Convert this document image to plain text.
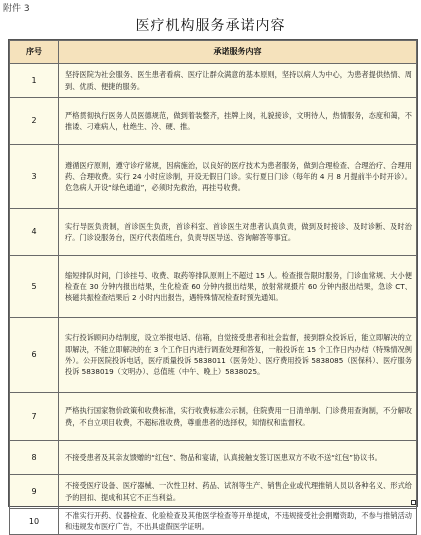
附件 3
医疗机构服务承诺内容
序号	承诺服务内容
1	坚持医院为社会服务、医生患者看病、医疗让群众满意的基本原则，坚持以病人为中心，为患者提供热情、周到、优质、便捷的服务。
2	严格贯彻执行医务人员医德规范，做到着装整齐，挂牌上岗，礼貌接诊，文明待人，热情服务，态度和蔼，不推诿、刁难病人，杜绝生、冷、硬、推。
3	遵循医疗原则，遵守诊疗常规，因病施治，以良好的医疗技术为患者服务，做到合理检查、合理治疗、合理用药、合理收费。实行 24 小时应诊制，开设无假日门诊。实行夏日门诊（每年的 4 月 8 月提前半小时开诊）。危急病人开设“绿色通道”，必须时先救治，再挂号收费。
4	实行导医负责制，首诊医生负责，首诊科室、首诊医生对患者认真负责，做到及时接诊、及时诊断、及时治疗。门诊设服务台，医疗代表值班台，负责导医导送、咨询解答等事宜。
5	缩短排队时间，门诊挂号、收费、取药等排队原则上不超过 15 人。检查报告限时服务，门诊血常规、大小便检查在 30 分钟内报出结果，生化检查 60 分钟内报出结果，放射常规摄片 60 分钟内报出结果，急诊 CT、核磁共振检查结果后 2 小时内出报告，遇特殊情况检查时预先通知。
6	实行投诉顾问办结制度，设立举报电话、信箱，自觉接受患者和社会监督，接到群众投诉后，能立即解决的立即解决，不能立即解决的在 3 个工作日内进行调查处理和答复，一般投诉在 15 个工作日内办结（特殊情况例外）。公开医院投诉电话，医疗质量投诉 5838011（医务处）、医疗费用投诉 5838085（医保科）、医疗服务投诉 5838019（文明办）、总值班（中午、晚上）5838025。
7	严格执行国家物价政策和收费标准，实行收费标准公示制，住院费用一日清单制、门诊费用查询制，不分解收费，不自立项目收费，不超标准收费，尊重患者的选择权，知情权和监督权。
8	不接受患者及其亲友馈赠的“红包”、物品和宴请，认真接触支签订医患双方不收不送“红包”协议书。
9	不接受医疗设备、医疗器械、一次性卫材、药品、试剂等生产、销售企业或代理推销人员以各种名义、形式给予的回扣、提成和其它不正当利益。
10	不准实行开药、仪器检查、化验检查及其他医学检查等开单提成，不违规接受社会捐赠资助，不参与推销活动和违规发布医疗广告，不出具虚假医学证明。
